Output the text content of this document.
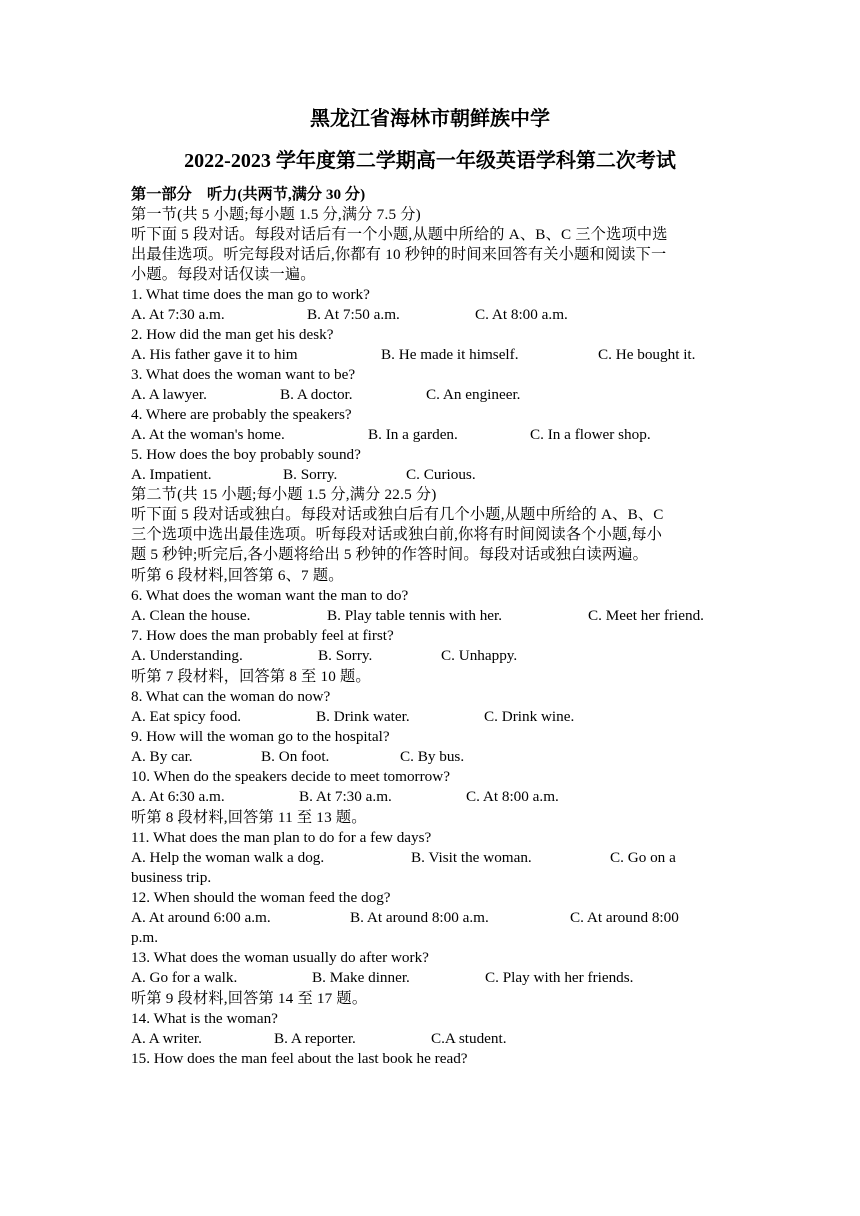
黑龙江省海林市朝鲜族中学
2022-2023 学年度第二学期高一年级英语学科第二次考试

第一部分　听力(共两节,满分 30 分)

第一节(共 5 小题;每小题 1.5 分,满分 7.5 分)

听下面 5 段对话。每段对话后有一个小题,从题中所给的 A、B、C 三个选项中选

出最佳选项。听完每段对话后,你都有 10 秒钟的时间来回答有关小题和阅读下一

小题。每段对话仅读一遍。

1. What time does the man go to work?

A. At 7:30 a.m.	B. At 7:50 a.m.	C. At 8:00 a.m.

2. How did the man get his desk?

A. His father gave it to him	B. He made it himself.	C. He bought it.

3. What does the woman want to be?

A. A lawyer.	B. A doctor.	C. An engineer.

4. Where are probably the speakers?

A. At the woman's home.	B. In a garden.	C. In a flower shop.

5. How does the boy probably sound?

A. Impatient.	B. Sorry.	C. Curious.

第二节(共 15 小题;每小题 1.5 分,满分 22.5 分)

听下面 5 段对话或独白。每段对话或独白后有几个小题,从题中所给的 A、B、C

三个选项中选出最佳选项。听每段对话或独白前,你将有时间阅读各个小题,每小

题 5 秒钟;听完后,各小题将给出 5 秒钟的作答时间。每段对话或独白读两遍。

听第 6 段材料,回答第 6、7 题。

6. What does the woman want the man to do?

A. Clean the house.	B. Play table tennis with her.	C. Meet her friend.

7. How does the man probably feel at first?

A. Understanding.	B. Sorry.	C. Unhappy.

听第 7 段材料，回答第 8 至 10 题。

8. What can the woman do now?

A. Eat spicy food.	B. Drink water.	C. Drink wine.

9. How will the woman go to the hospital?

A. By car.	B. On foot.	C. By bus.

10. When do the speakers decide to meet tomorrow?

A. At 6:30 a.m.	B. At 7:30 a.m.	C. At 8:00 a.m.

听第 8 段材料,回答第 11 至 13 题。

11. What does the man plan to do for a few days?

A. Help the woman walk a dog.	B. Visit the woman.	C. Go on a
business trip.

12. When should the woman feed the dog?

A. At around 6:00 a.m.	B. At around 8:00 a.m.	C. At around 8:00
p.m.

13. What does the woman usually do after work?

A. Go for a walk.	B. Make dinner.	C. Play with her friends.

听第 9 段材料,回答第 14 至 17 题。

14. What is the woman?

A. A writer.	B. A reporter.	C.A student.

15. How does the man feel about the last book he read?
